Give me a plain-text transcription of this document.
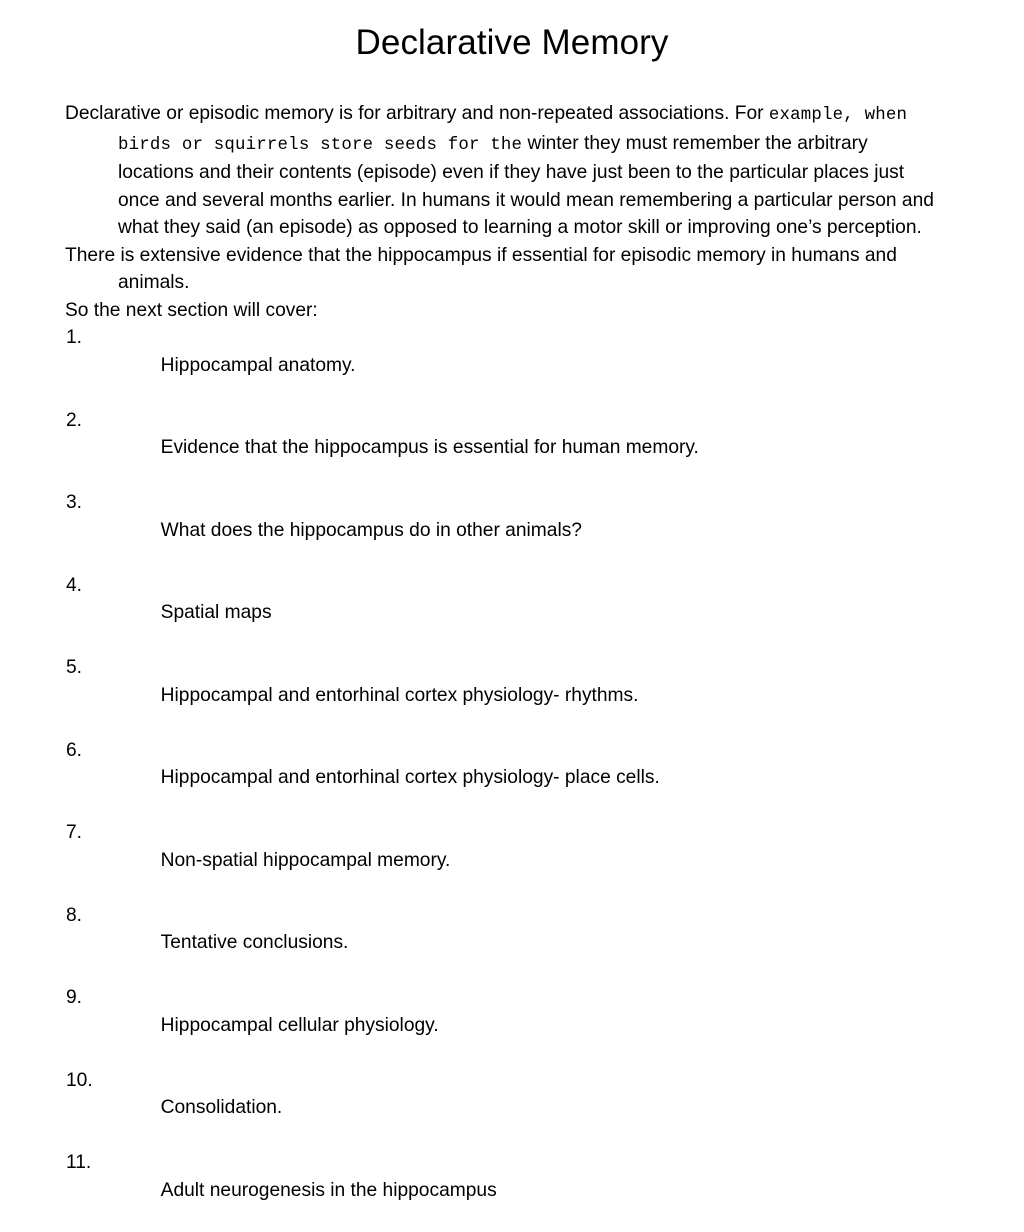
Declarative Memory

Declarative or episodic memory is for arbitrary and non-repeated associations. For example, when birds or squirrels store seeds for the winter they must remember the arbitrary locations and their contents (episode) even if they have just been to the particular places just once and several months earlier. In humans it would mean remembering a particular person and what they said (an episode) as opposed to learning a motor skill or improving one’s perception.

There is extensive evidence that the hippocampus if essential for episodic memory in humans and animals.

So the next section will cover:

1.
Hippocampal anatomy.

2.
Evidence that the hippocampus is essential for human memory.

3.
What does the hippocampus do in other animals?

4.
Spatial maps

5.
Hippocampal and entorhinal cortex physiology- rhythms.

6.
Hippocampal and entorhinal cortex physiology- place cells.

7.
Non-spatial hippocampal memory.

8.
Tentative conclusions.

9.
Hippocampal cellular physiology.

10.
Consolidation.

11.
Adult neurogenesis in the hippocampus
